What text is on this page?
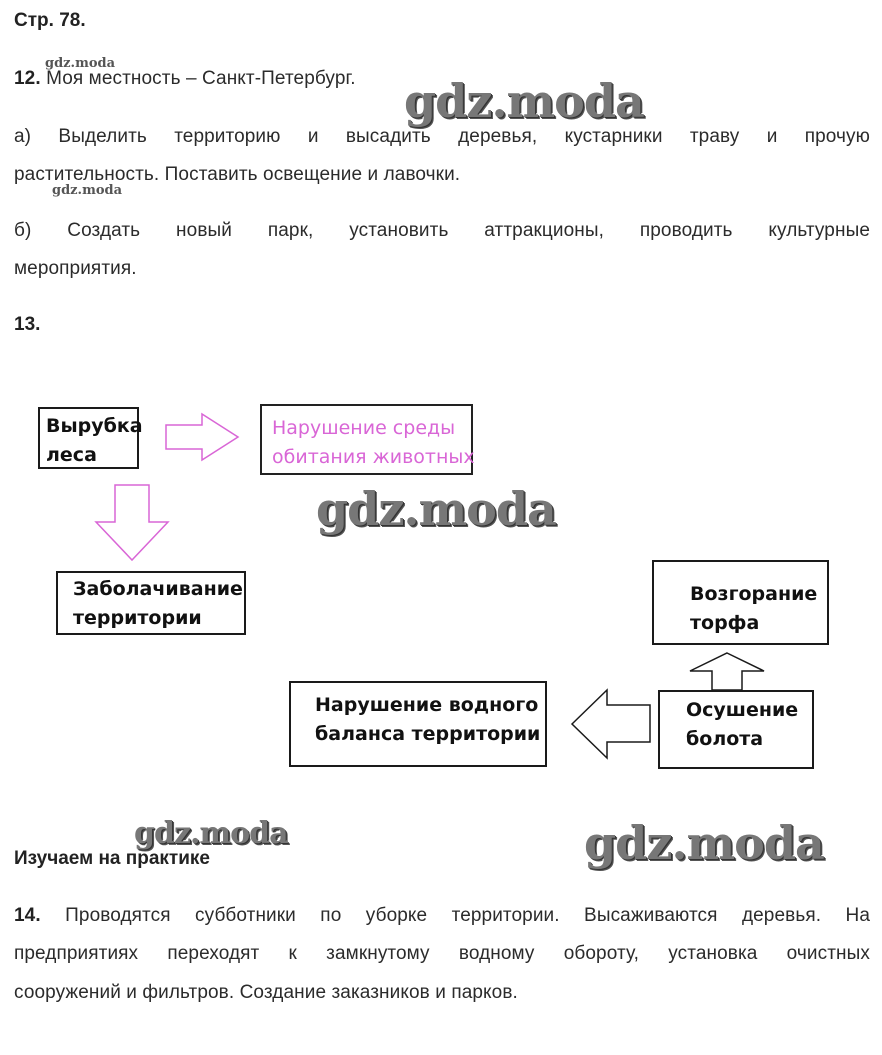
Стр. 78.
12. Моя местность – Санкт-Петербург.
а) Выделить территорию и высадить деревья, кустарники траву и прочую
растительность. Поставить освещение и лавочки.
б) Создать новый парк, установить аттракционы, проводить культурные
мероприятия.
13.
Вырубка
леса
Нарушение среды
обитания животных
Заболачивание
территории
Возгорание
торфа
Нарушение водного
баланса территории
Осушение
болота
Изучаем на практике
14. Проводятся субботники по уборке территории. Высаживаются деревья. На
предприятиях переходят к замкнутому водному обороту, установка очистных
сооружений и фильтров. Создание заказников и парков.
gdz.moda
gdz.moda
gdz.moda
gdz.moda
gdz.moda	gdz.moda
